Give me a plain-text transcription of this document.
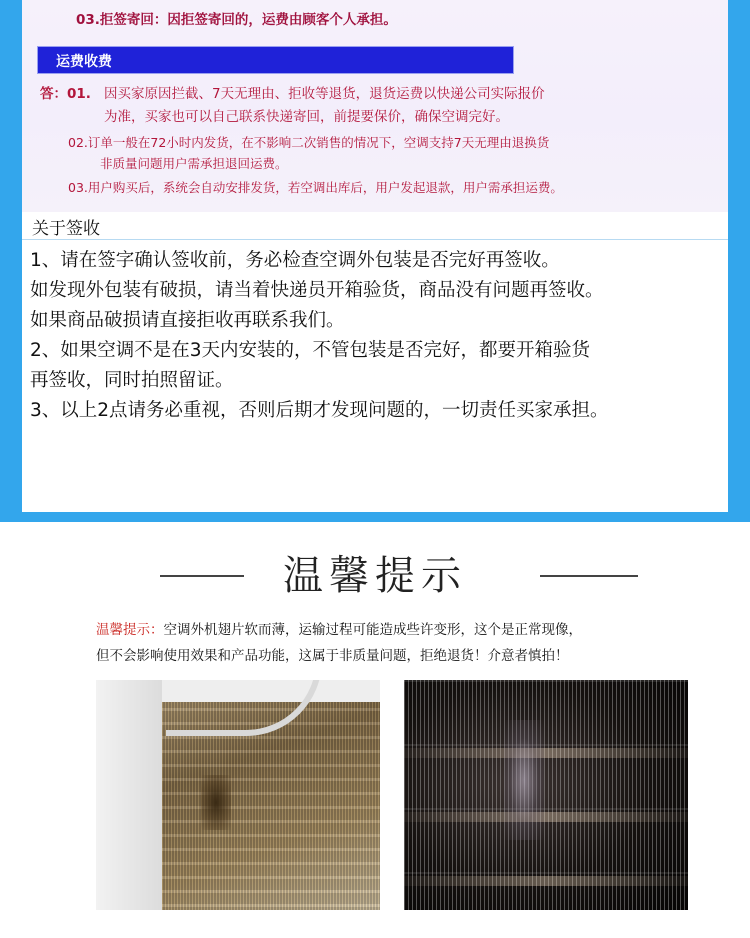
03.拒签寄回：因拒签寄回的，运费由顾客个人承担。
运费收费
答：01. 因买家原因拦截、7天无理由、拒收等退货，退货运费以快递公司实际报价
为准，买家也可以自己联系快递寄回，前提要保价，确保空调完好。
02.订单一般在72小时内发货，在不影响二次销售的情况下，空调支持7天无理由退换货
非质量问题用户需承担退回运费。
03.用户购买后，系统会自动安排发货，若空调出库后，用户发起退款，用户需承担运费。
关于签收
1、请在签字确认签收前，务必检查空调外包装是否完好再签收。
如发现外包装有破损，请当着快递员开箱验货，商品没有问题再签收。
如果商品破损请直接拒收再联系我们。
2、如果空调不是在3天内安装的，不管包装是否完好，都要开箱验货
再签收，同时拍照留证。
3、以上2点请务必重视，否则后期才发现问题的，一切责任买家承担。
温馨提示
温馨提示：空调外机翅片软而薄，运输过程可能造成些许变形，这个是正常现像，
但不会影响使用效果和产品功能，这属于非质量问题，拒绝退货！介意者慎拍！
